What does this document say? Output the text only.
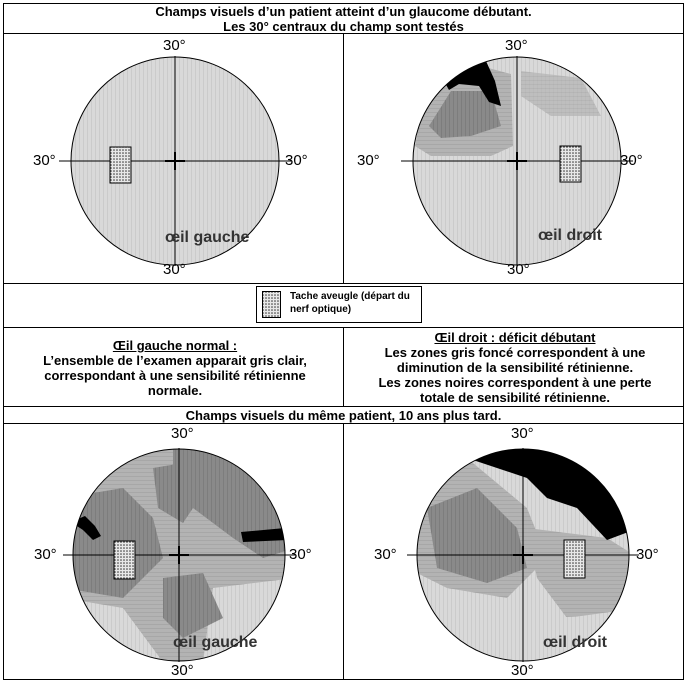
Champs visuels d’un patient atteint d’un glaucome débutant.
Les 30° centraux du champ sont testés
30°
30°	30°
30°
œil gauche
30°
30°	30°
30°
œil droit
Tache aveugle (départ du nerf optique)
Œil gauche normal :
L’ensemble de l’examen apparait gris clair, correspondant à une sensibilité rétinienne normale.
Œil droit : déficit débutant
Les zones gris foncé correspondent à une diminution de la sensibilité rétinienne.
Les zones noires correspondent à une perte totale de sensibilité rétinienne.
Champs visuels du même patient, 10 ans plus tard.
30°
30°	30°
30°
œil gauche
30°
30°	30°
30°
œil droit
